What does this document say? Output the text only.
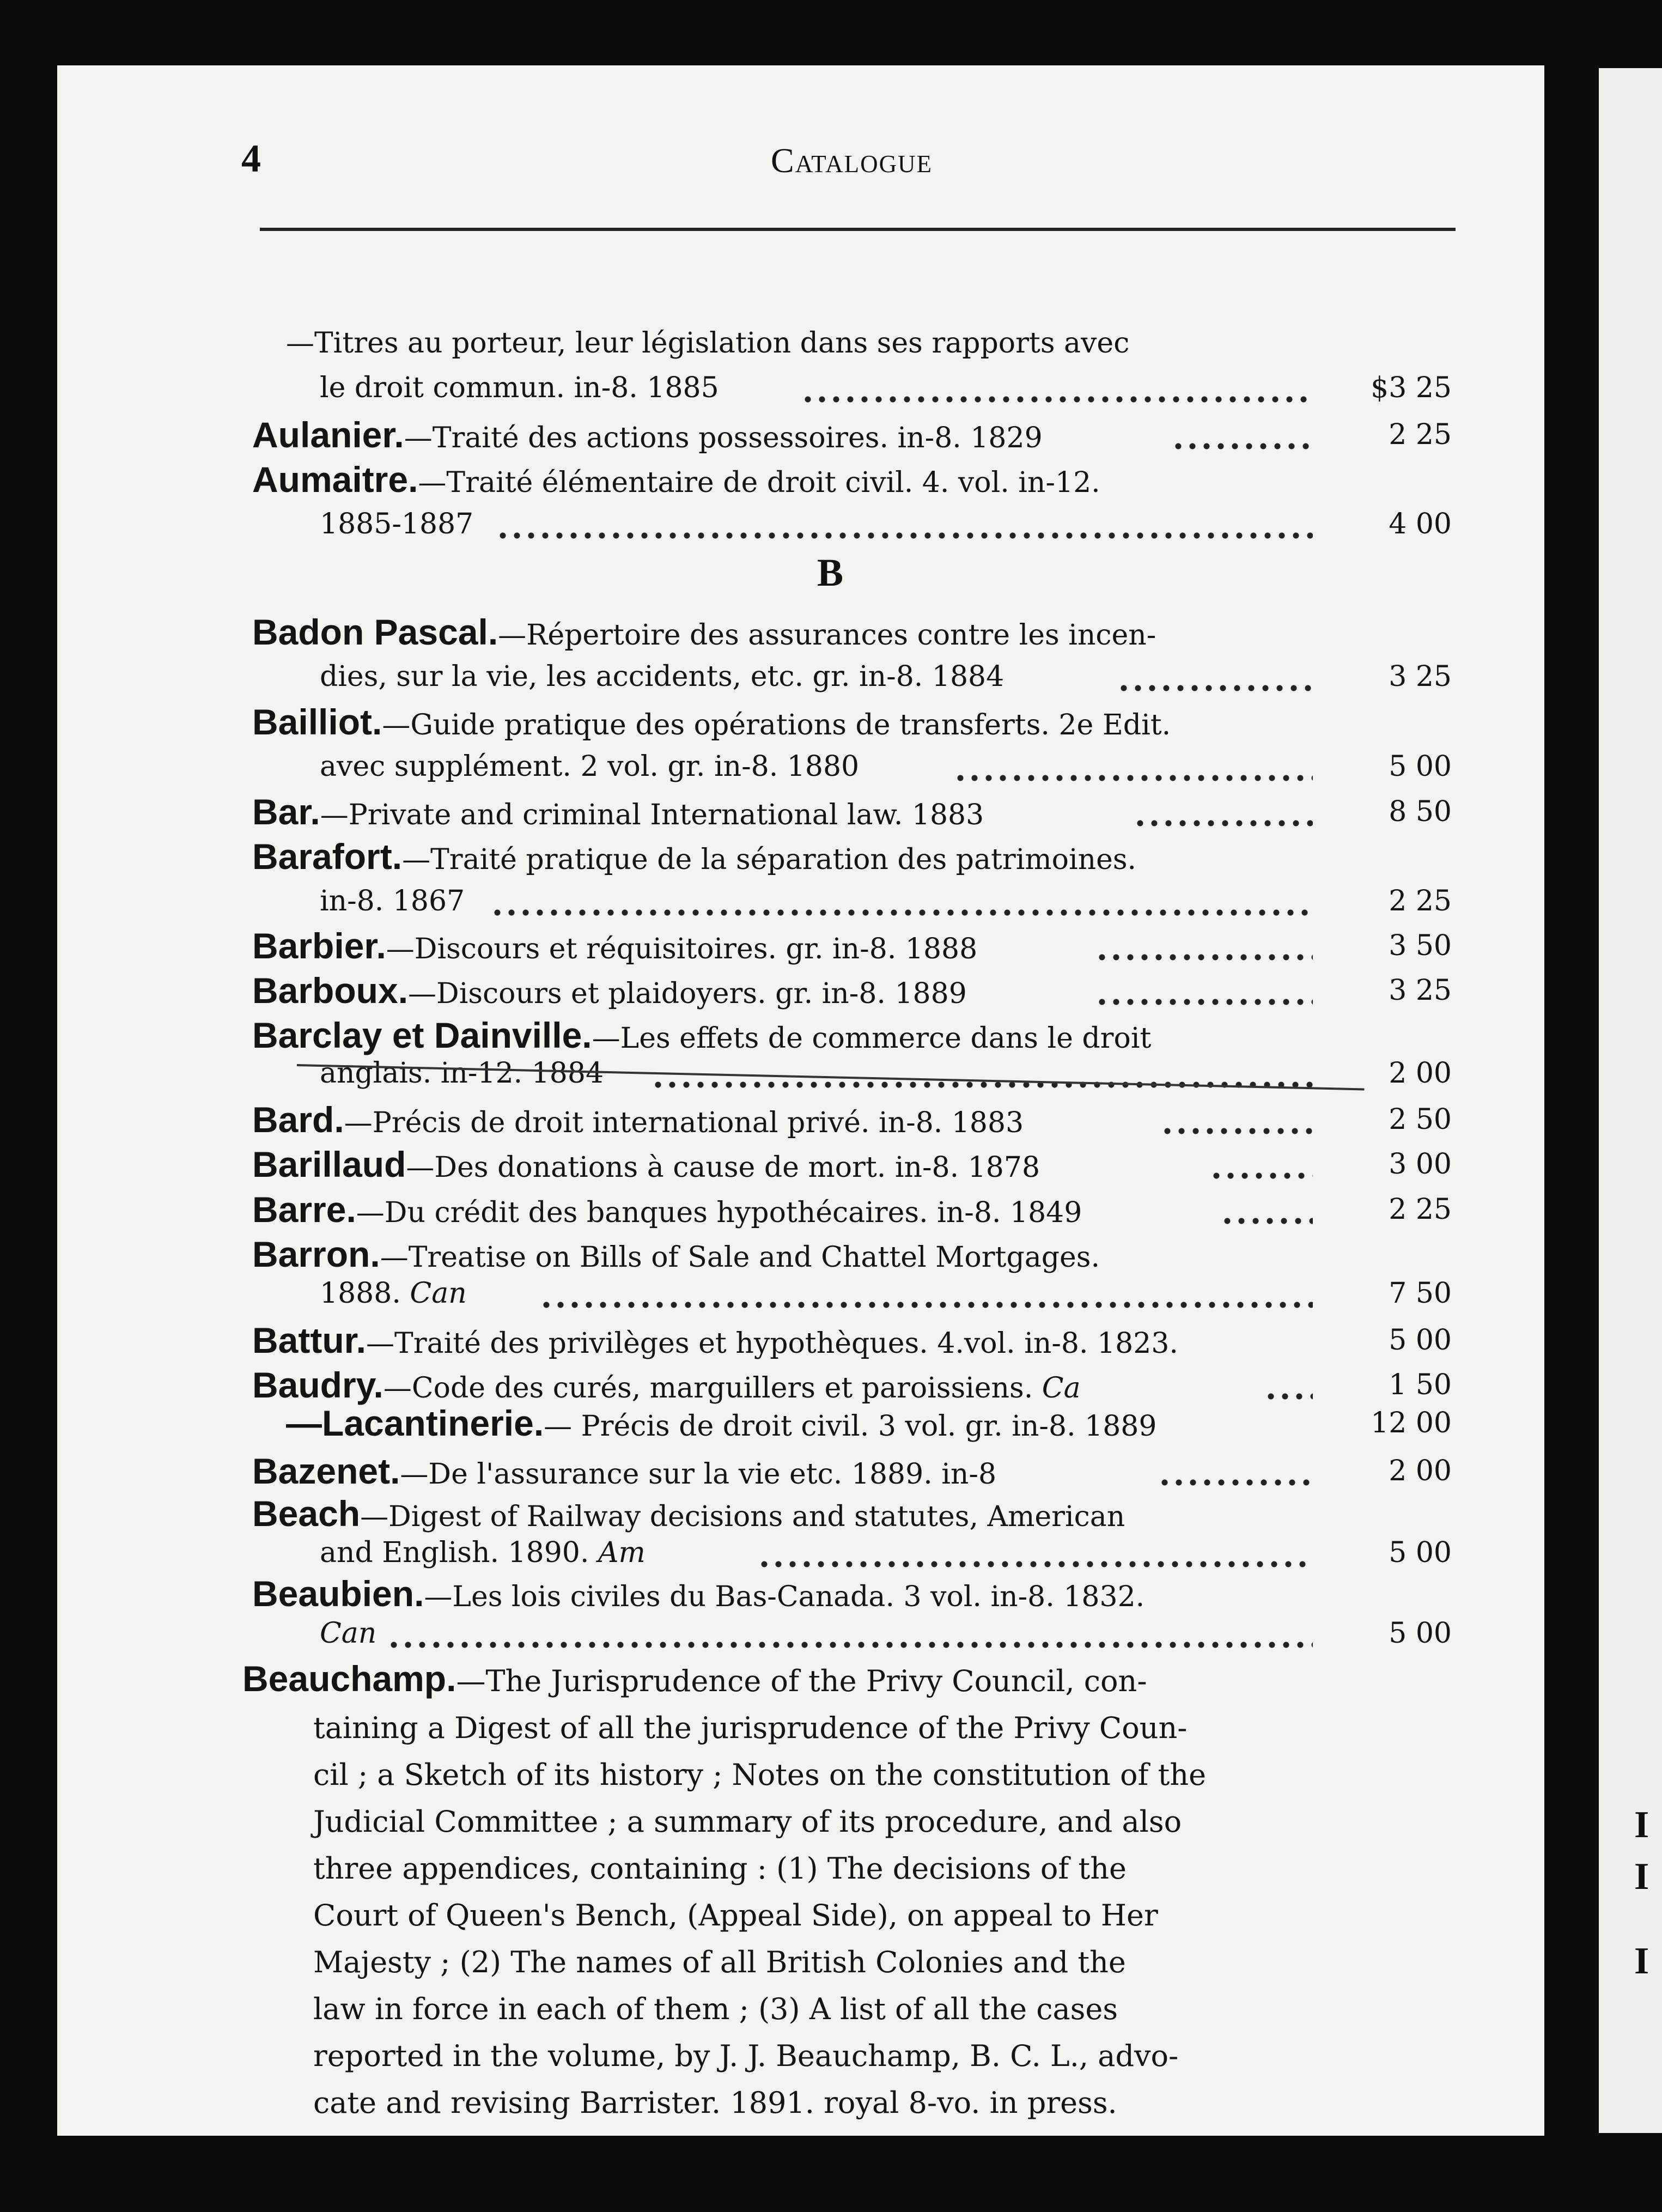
4	Catalogue
B
—Titres au porteur, leur législation dans ses rapports avec
le droit commun. in-8. 1885	$3 25
Aulanier.—Traité des actions possessoires. in-8. 1829	2 25
Aumaitre.—Traité élémentaire de droit civil. 4. vol. in-12.
1885-1887	4 00
Badon Pascal.—Répertoire des assurances contre les incen-
dies, sur la vie, les accidents, etc. gr. in-8. 1884	3 25
Bailliot.—Guide pratique des opérations de transferts. 2e Edit.
avec supplément. 2 vol. gr. in-8. 1880	5 00
Bar.—Private and criminal International law. 1883	8 50
Barafort.—Traité pratique de la séparation des patrimoines.
in-8. 1867	2 25
Barbier.—Discours et réquisitoires. gr. in-8. 1888	3 50
Barboux.—Discours et plaidoyers. gr. in-8. 1889	3 25
Barclay et Dainville.—Les effets de commerce dans le droit
anglais. in-12. 1884	2 00
Bard.—Précis de droit international privé. in-8. 1883	2 50
Barillaud—Des donations à cause de mort. in-8. 1878	3 00
Barre.—Du crédit des banques hypothécaires. in-8. 1849	2 25
Barron.—Treatise on Bills of Sale and Chattel Mortgages.
1888. Can	7 50
Battur.—Traité des privilèges et hypothèques. 4.vol. in-8. 1823.	5 00
Baudry.—Code des curés, marguillers et paroissiens. Ca	1 50
—Lacantinerie.— Précis de droit civil. 3 vol. gr. in-8. 1889	12 00
Bazenet.—De l'assurance sur la vie etc. 1889. in-8	2 00
Beach—Digest of Railway decisions and statutes, American
and English. 1890. Am	5 00
Beaubien.—Les lois civiles du Bas-Canada. 3 vol. in-8. 1832.
Can	5 00
Beauchamp.—The Jurisprudence of the Privy Council, con-
taining a Digest of all the jurisprudence of the Privy Coun-
cil ; a Sketch of its history ; Notes on the constitution of the
Judicial Committee ; a summary of its procedure, and also
three appendices, containing : (1) The decisions of the
Court of Queen's Bench, (Appeal Side), on appeal to Her
Majesty ; (2) The names of all British Colonies and the
law in force in each of them ; (3) A list of all the cases
reported in the volume, by J. J. Beauchamp, B. C. L., advo-
cate and revising Barrister. 1891. royal 8-vo. in press.
I
I
I
